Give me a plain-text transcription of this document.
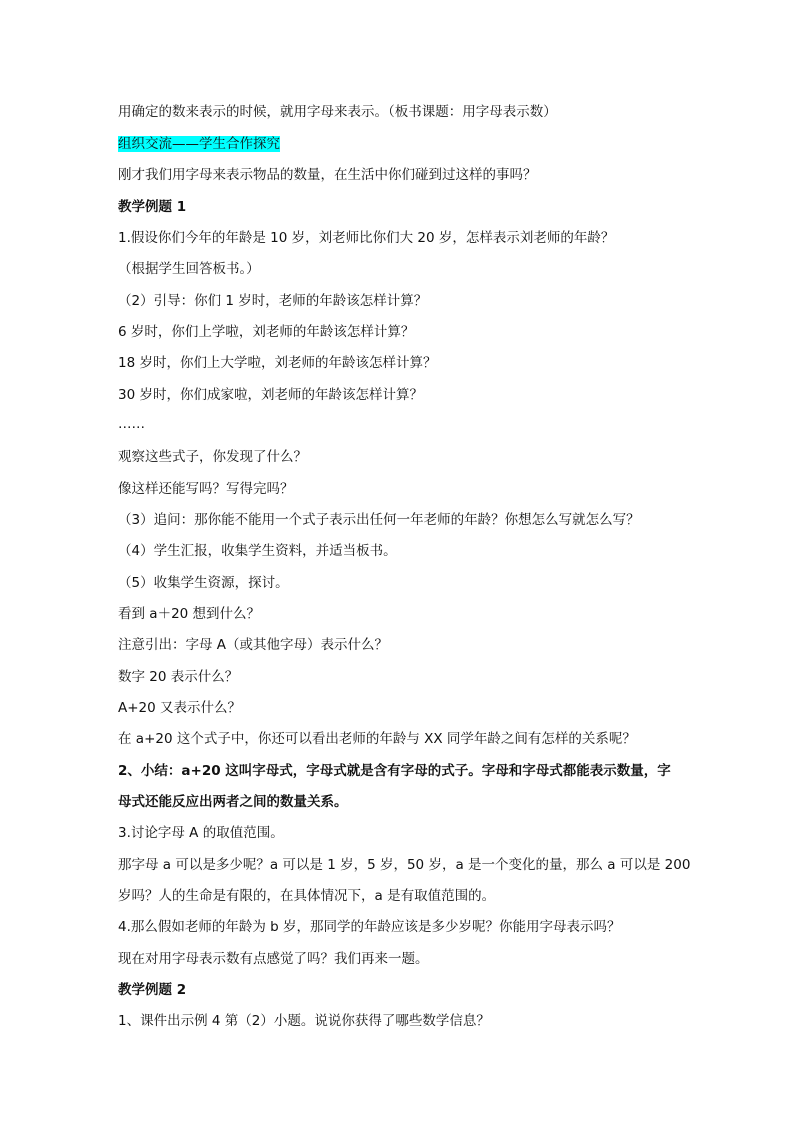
用确定的数来表示的时候，就用字母来表示。（板书课题：用字母表示数）
组织交流——学生合作探究
刚才我们用字母来表示物品的数量，在生活中你们碰到过这样的事吗？
教学例题 1
1.假设你们今年的年龄是 10 岁，刘老师比你们大 20 岁，怎样表示刘老师的年龄？
（根据学生回答板书。）
（2）引导：你们 1 岁时，老师的年龄该怎样计算？
6 岁时，你们上学啦，刘老师的年龄该怎样计算？
18 岁时，你们上大学啦，刘老师的年龄该怎样计算？
30 岁时，你们成家啦，刘老师的年龄该怎样计算？
……
观察这些式子，你发现了什么？
像这样还能写吗？写得完吗？
（3）追问：那你能不能用一个式子表示出任何一年老师的年龄？你想怎么写就怎么写？
（4）学生汇报，收集学生资料，并适当板书。
（5）收集学生资源，探讨。
看到 a＋20 想到什么？
注意引出：字母 A（或其他字母）表示什么？
数字 20 表示什么？
A+20 又表示什么？
在 a+20 这个式子中，你还可以看出老师的年龄与 XX 同学年龄之间有怎样的关系呢？
2、小结：a+20 这叫字母式，字母式就是含有字母的式子。字母和字母式都能表示数量，字
母式还能反应出两者之间的数量关系。
3.讨论字母 A 的取值范围。
那字母 a 可以是多少呢？a 可以是 1 岁，5 岁，50 岁，a 是一个变化的量，那么 a 可以是 200
岁吗？人的生命是有限的，在具体情况下，a 是有取值范围的。
4.那么假如老师的年龄为 b 岁，那同学的年龄应该是多少岁呢？你能用字母表示吗？
现在对用字母表示数有点感觉了吗？我们再来一题。
教学例题 2
1、课件出示例 4 第（2）小题。说说你获得了哪些数学信息？
